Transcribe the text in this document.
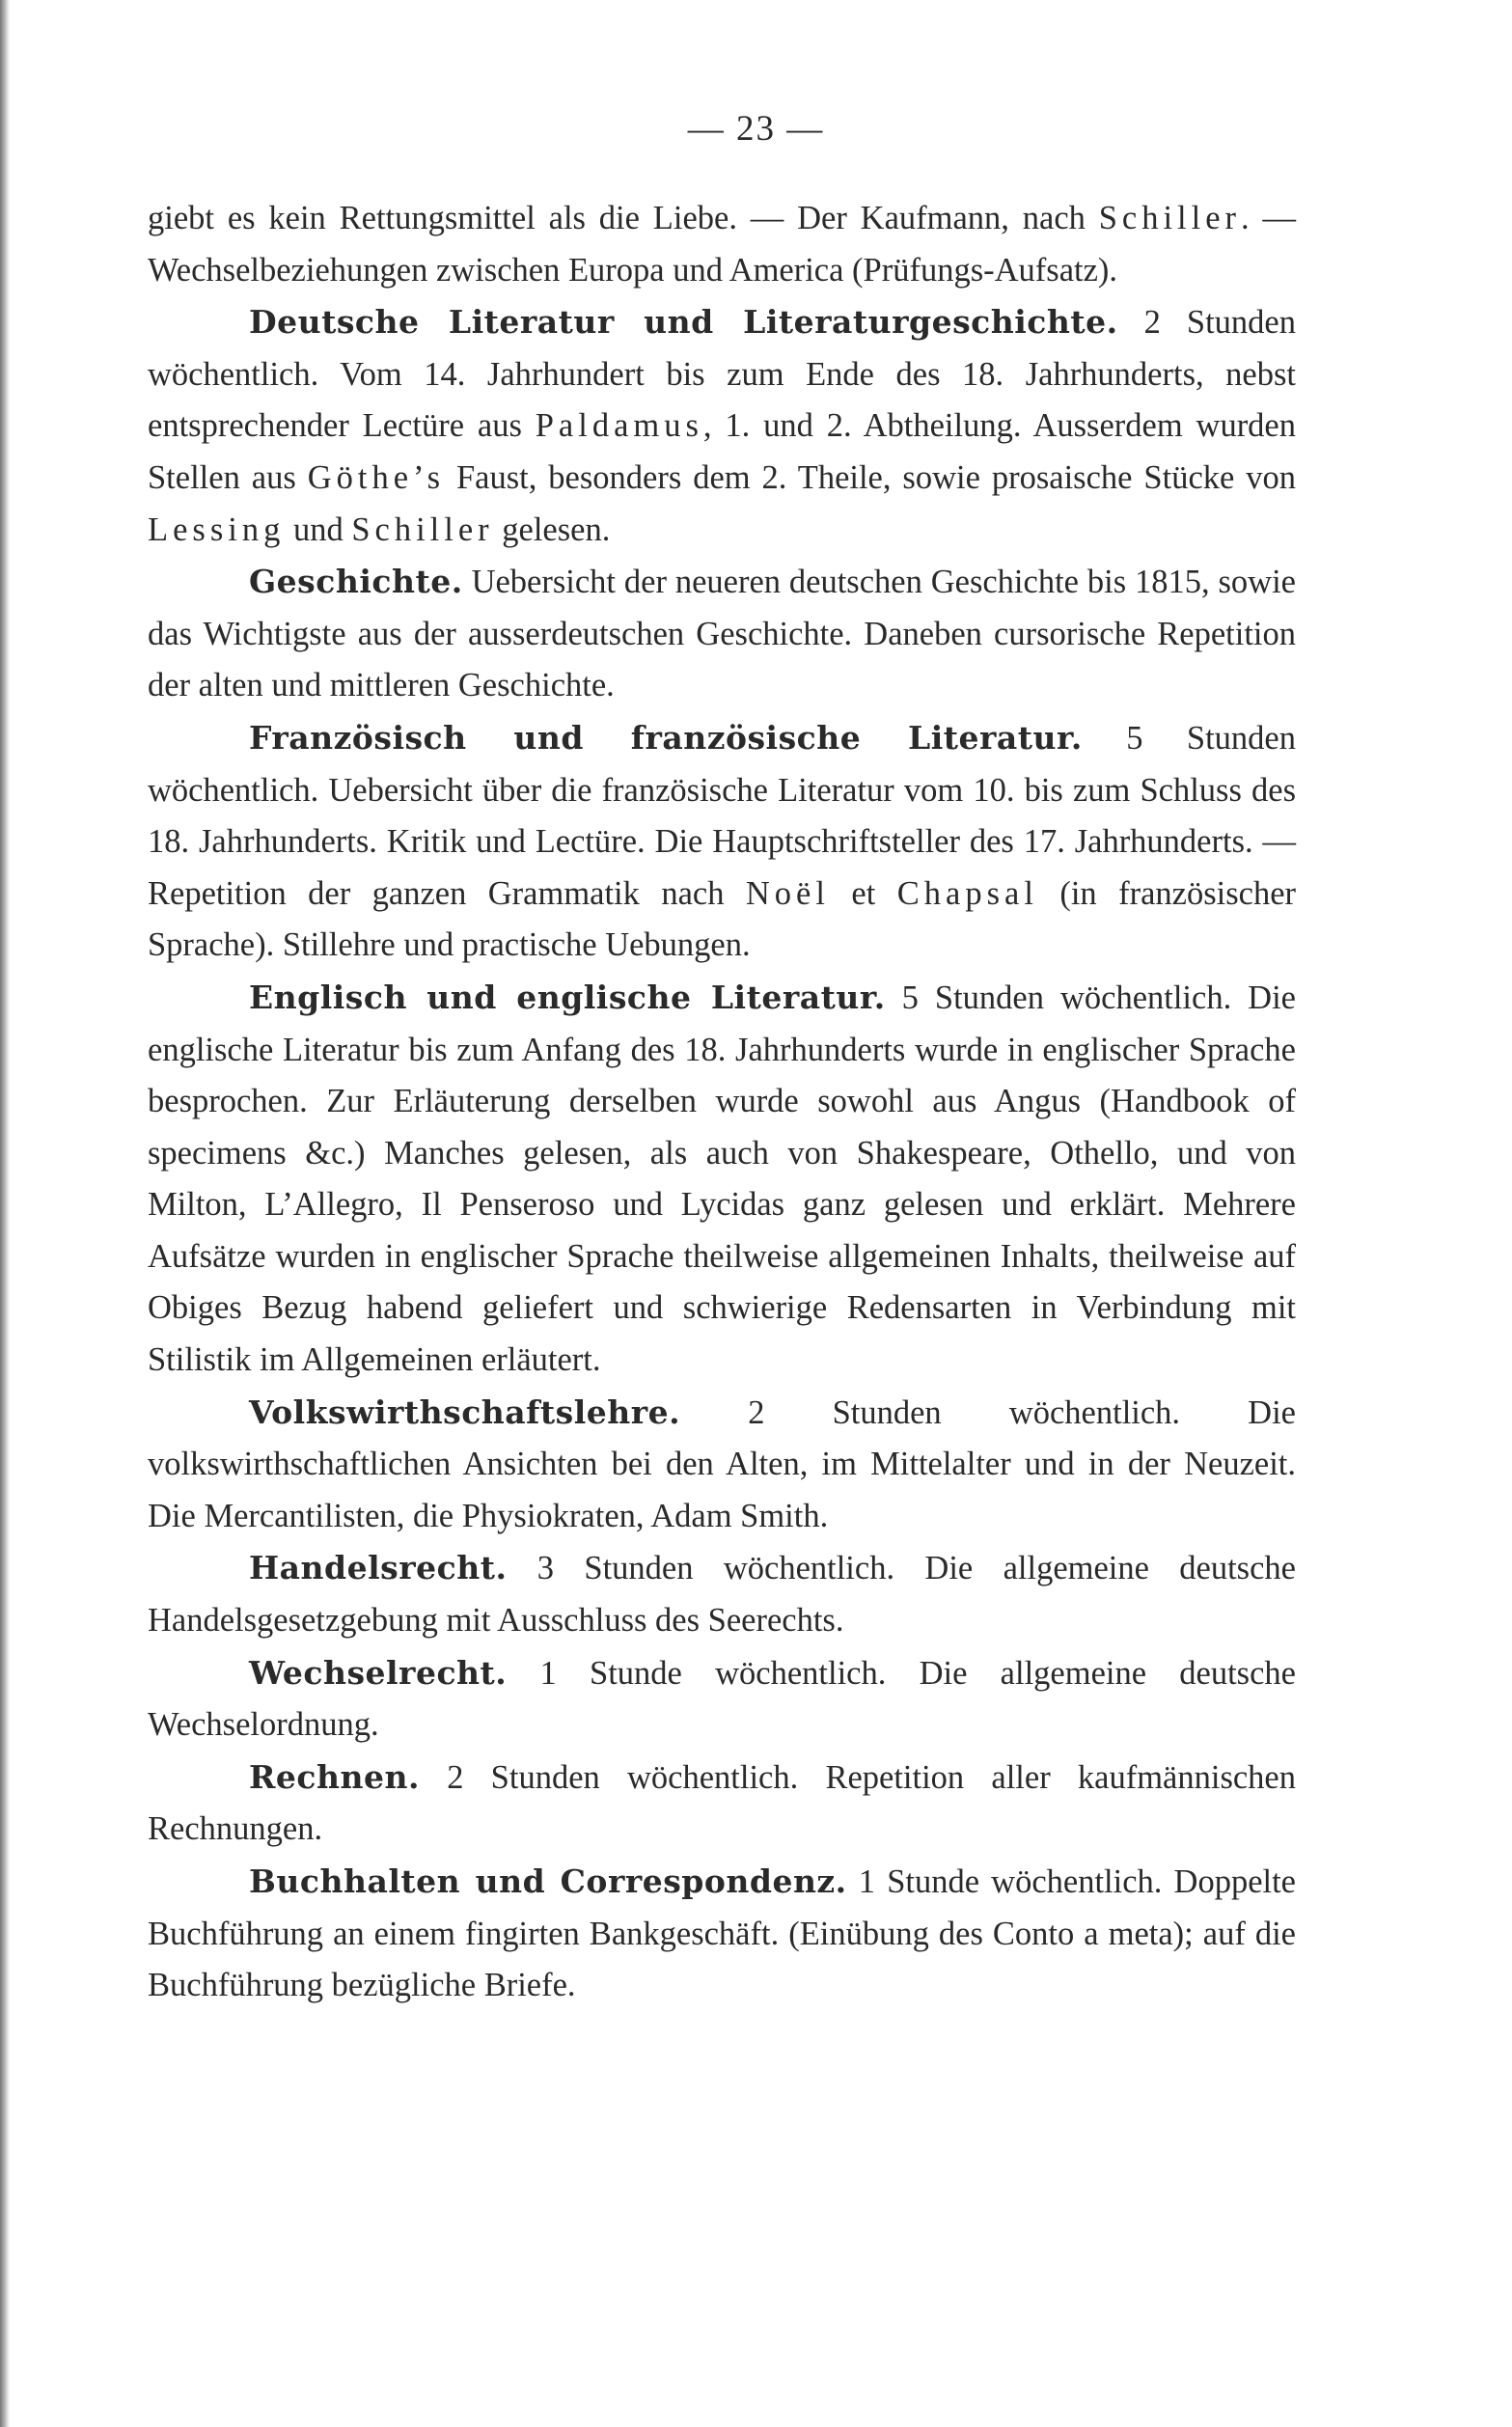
— 23 —

giebt es kein Rettungsmittel als die Liebe. — Der Kaufmann, nach Schiller. — Wechselbeziehungen zwischen Europa und America (Prüfungs-Aufsatz).

Deutsche Literatur und Literaturgeschichte. 2 Stunden wöchentlich. Vom 14. Jahrhundert bis zum Ende des 18. Jahrhunderts, nebst entsprechender Lectüre aus Paldamus, 1. und 2. Abtheilung. Ausserdem wurden Stellen aus Göthe’s Faust, besonders dem 2. Theile, sowie prosaische Stücke von Lessing und Schiller gelesen.

Geschichte. Uebersicht der neueren deutschen Geschichte bis 1815, sowie das Wichtigste aus der ausserdeutschen Geschichte. Daneben cursorische Repetition der alten und mittleren Geschichte.

Französisch und französische Literatur. 5 Stunden wöchentlich. Uebersicht über die französische Literatur vom 10. bis zum Schluss des 18. Jahrhunderts. Kritik und Lectüre. Die Hauptschriftsteller des 17. Jahrhunderts. — Repetition der ganzen Grammatik nach Noël et Chapsal (in französischer Sprache). Stillehre und practische Uebungen.

Englisch und englische Literatur. 5 Stunden wöchentlich. Die englische Literatur bis zum Anfang des 18. Jahrhunderts wurde in englischer Sprache besprochen. Zur Erläuterung derselben wurde sowohl aus Angus (Handbook of specimens &c.) Manches gelesen, als auch von Shakespeare, Othello, und von Milton, L’Allegro, Il Penseroso und Lycidas ganz gelesen und erklärt. Mehrere Aufsätze wurden in englischer Sprache theilweise allgemeinen Inhalts, theilweise auf Obiges Bezug habend geliefert und schwierige Redensarten in Verbindung mit Stilistik im Allgemeinen erläutert.

Volkswirthschaftslehre. 2 Stunden wöchentlich. Die volkswirthschaftlichen Ansichten bei den Alten, im Mittelalter und in der Neuzeit. Die Mercantilisten, die Physiokraten, Adam Smith.

Handelsrecht. 3 Stunden wöchentlich. Die allgemeine deutsche Handelsgesetzgebung mit Ausschluss des Seerechts.

Wechselrecht. 1 Stunde wöchentlich. Die allgemeine deutsche Wechselordnung.

Rechnen. 2 Stunden wöchentlich. Repetition aller kaufmännischen Rechnungen.

Buchhalten und Correspondenz. 1 Stunde wöchentlich. Doppelte Buchführung an einem fingirten Bankgeschäft. (Einübung des Conto a meta); auf die Buchführung bezügliche Briefe.
